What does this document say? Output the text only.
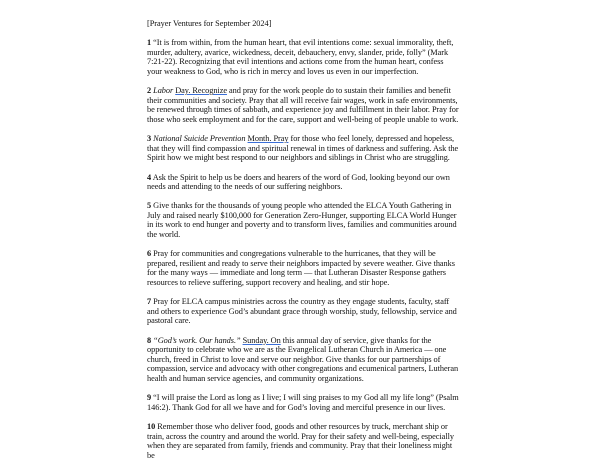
[Prayer Ventures for September 2024]

1 “It is from within, from the human heart, that evil intentions come: sexual immorality, theft, murder, adultery, avarice, wickedness, deceit, debauchery, envy, slander, pride, folly” (Mark 7:21-22). Recognizing that evil intentions and actions come from the human heart, confess your weakness to God, who is rich in mercy and loves us even in our imperfection.

2 Labor Day. Recognize and pray for the work people do to sustain their families and benefit their communities and society. Pray that all will receive fair wages, work in safe environments, be renewed through times of sabbath, and experience joy and fulfillment in their labor. Pray for those who seek employment and for the care, support and well-being of people unable to work.

3 National Suicide Prevention Month. Pray for those who feel lonely, depressed and hopeless, that they will find compassion and spiritual renewal in times of darkness and suffering. Ask the Spirit how we might best respond to our neighbors and siblings in Christ who are struggling.

4 Ask the Spirit to help us be doers and hearers of the word of God, looking beyond our own needs and attending to the needs of our suffering neighbors.

5 Give thanks for the thousands of young people who attended the ELCA Youth Gathering in July and raised nearly $100,000 for Generation Zero-Hunger, supporting ELCA World Hunger in its work to end hunger and poverty and to transform lives, families and communities around the world.

6 Pray for communities and congregations vulnerable to the hurricanes, that they will be prepared, resilient and ready to serve their neighbors impacted by severe weather. Give thanks for the many ways — immediate and long term — that Lutheran Disaster Response gathers resources to relieve suffering, support recovery and healing, and stir hope.

7 Pray for ELCA campus ministries across the country as they engage students, faculty, staff and others to experience God’s abundant grace through worship, study, fellowship, service and pastoral care.

8 “God’s work. Our hands.” Sunday. On this annual day of service, give thanks for the opportunity to celebrate who we are as the Evangelical Lutheran Church in America — one church, freed in Christ to love and serve our neighbor. Give thanks for our partnerships of compassion, service and advocacy with other congregations and ecumenical partners, Lutheran health and human service agencies, and community organizations.

9 “I will praise the Lord as long as I live; I will sing praises to my God all my life long” (Psalm 146:2). Thank God for all we have and for God’s loving and merciful presence in our lives.

10 Remember those who deliver food, goods and other resources by truck, merchant ship or train, across the country and around the world. Pray for their safety and well-being, especially when they are separated from family, friends and community. Pray that their loneliness might be
